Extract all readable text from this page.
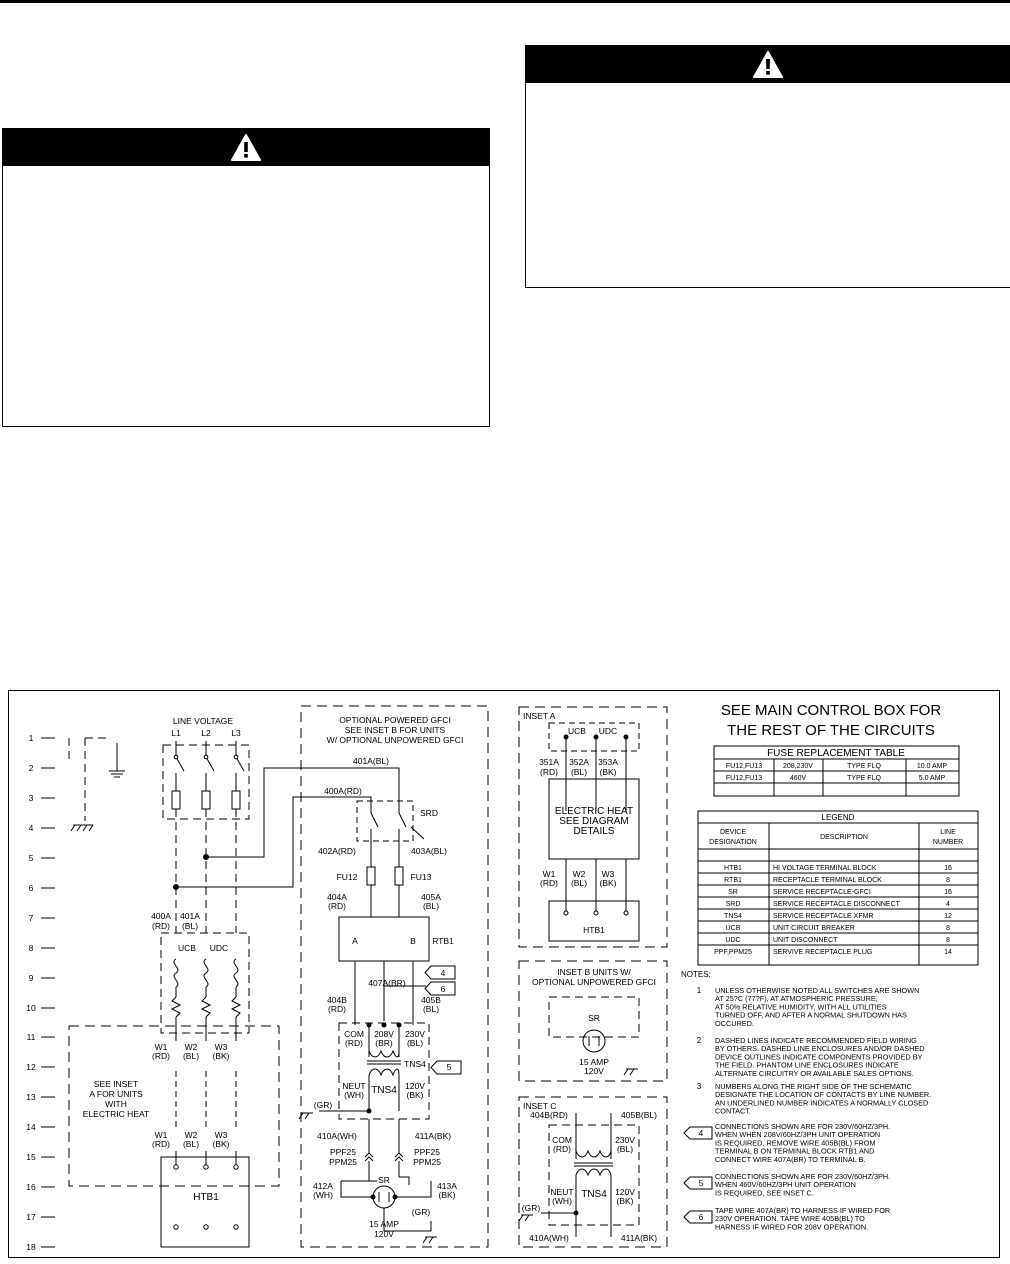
1
2
3
4
5
6
7
8
9
10
11
12
13
14
15
16
17
18
LINE VOLTAGE
L1 L2 L3
400A
(RD)
401A
(BL)
UCB UDC
W1
(RD)
W2
(BL)
W3
(BK)
SEE INSET
A FOR UNITS
WITH
ELECTRIC HEAT
W1
(RD)
W2
(BL)
W3
(BK)
HTB1
OPTIONAL POWERED GFCI
SEE INSET B FOR UNITS
W/ OPTIONAL UNPOWERED GFCI
401A(BL)
400A(RD)
SRD
402A(RD)	403A(BL)
FU12	FU13
404A
(RD)
405A
(BL)
A	B RTB1
4
6
407A(BR)
404B
(RD)
405B
(BL)
COM
(RD)
208V
(BR)
230V
(BL)
TNS4 5
NEUT
(WH) TNS4 120V
(BK)
(GR)
410A(WH)	411A(BK)
PPF25
PPM25
PPF25
PPM25
412A
(WH)
413A
(BK)
SR
(GR)
15 AMP
120V
INSET A
UCB UDC
351A
(RD)
352A
(BL)
353A
(BK)
ELECTRIC HEAT
SEE DIAGRAM
DETAILS
W1
(RD)
W2
(BL)
W3
(BK)
HTB1
INSET B UNITS W/
OPTIONAL UNPOWERED GFCI
SR
15 AMP
120V
INSET C
404B(RD)	405B(BL)
COM
(RD)
230V
(BL)
NEUT
(WH)
TNS4 120V
(BK)
(GR)
410A(WH)	411A(BK)
SEE MAIN CONTROL BOX FOR
THE REST OF THE CIRCUITS
FUSE REPLACEMENT TABLE
FU12,FU13	208,230V	TYPE FLQ	10.0 AMP
FU12,FU13	460V	TYPE FLQ	5.0 AMP
LEGEND
DEVICE
DESIGNATION
DESCRIPTION
LINE
NUMBER
HTB1	HI VOLTAGE TERMINAL BLOCK	16
RTB1	RECEPTACLE TERMINAL BLOCK	8
SR	SERVICE RECEPTACLE-GFCI	16
SRD	SERVICE RECEPTACLE DISCONNECT	4
TNS4	SERVICE RECEPTACLE XFMR	12
UCB	UNIT CIRCUIT BREAKER	8
UDC	UNIT DISCONNECT	8
PPF,PPM25	SERVIVE RECEPTACLE PLUG	14
NOTES:
1 UNLESS OTHERWISE NOTED ALL SWITCHES ARE SHOWN
AT 25?C (77?F), AT ATMOSPHERIC PRESSURE,
AT 50% RELATIVE HUMIDITY, WITH ALL UTILITIES
TURNED OFF, AND AFTER A NORMAL SHUTDOWN HAS
OCCURED.
2 DASHED LINES INDICATE RECOMMENDED FIELD WIRING
BY OTHERS. DASHED LINE ENCLOSURES AND/OR DASHED
DEVICE OUTLINES INDICATE COMPONENTS PROVIDED BY
THE FIELD. PHANTOM LINE ENCLOSURES INDICATE
ALTERNATE CIRCUITRY OR AVAILABLE SALES OPTIONS.
3 NUMBERS ALONG THE RIGHT SIDE OF THE SCHEMATIC
DESIGNATE THE LOCATION OF CONTACTS BY LINE NUMBER.
AN UNDERLINED NUMBER INDICATES A NORMALLY CLOSED
CONTACT.
CONNECTIONS SHOWN ARE FOR 230V/60HZ/3PH.
WHEN WHEN 208V/60HZ/3PH UNIT OPERATION
IS REQUIRED, REMOVE WIRE 405B(BL) FROM
TERMINAL B ON TERMINAL BLOCK RTB1 AND
CONNECT WIRE 407A(BR) TO TERMINAL B.
CONNECTIONS SHOWN ARE FOR 230V/60HZ/3PH.
WHEN 460V/60HZ/3PH UNIT OPERATION
IS REQUIRED, SEE INSET C.
TAPE WIRE 407A(BR) TO HARNESS IF WIRED FOR
230V OPERATION. TAPE WIRE 405B(BL) TO
HARNESS IF WIRED FOR 208V OPERATION.
4
5
6
